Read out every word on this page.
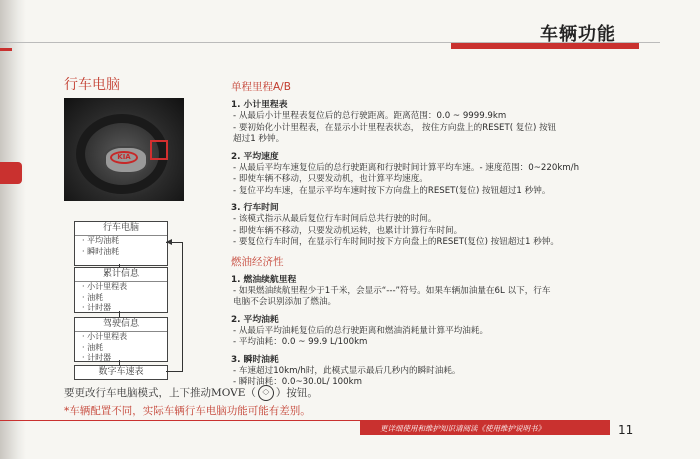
车辆功能
行车电脑
KIA
行车电脑
· 平均油耗
· 瞬时油耗
累计信息
· 小计里程表
· 油耗
· 计时器
驾驶信息
· 小计里程表
· 油耗
· 计时器
数字车速表
要更改行车电脑模式，上下推动MOVE（ ︿
﹀ ）按钮。
*车辆配置不同，实际车辆行车电脑功能可能有差别。
单程里程A/B
1. 小计里程表
- 从最后小计里程表复位后的总行驶距离。距离范围：0.0 ~ 9999.9km
- 要初始化小计里程表，在显示小计里程表状态， 按住方向盘上的RESET( 复位) 按钮
超过1 秒钟。
2. 平均速度
- 从最后平均车速复位后的总行驶距离和行驶时间计算平均车速。- 速度范围：0~220km/h
- 即使车辆不移动，只要发动机，也计算平均速度。
- 复位平均车速，在显示平均车速时按下方向盘上的RESET(复位) 按钮超过1 秒钟。
3. 行车时间
- 该模式指示从最后复位行车时间后总共行驶的时间。
- 即使车辆不移动，只要发动机运转，也累计计算行车时间。
- 要复位行车时间，在显示行车时间时按下方向盘上的RESET(复位) 按钮超过1 秒钟。
燃油经济性
1. 燃油续航里程
- 如果燃油续航里程少于1千米，会显示“---”符号。如果车辆加油量在6L 以下，行车
电脑不会识别添加了燃油。
2. 平均油耗
- 从最后平均油耗复位后的总行驶距离和燃油消耗量计算平均油耗。
- 平均油耗：0.0 ~ 99.9 L/100km
3. 瞬时油耗
- 车速超过10km/h时，此模式显示最后几秒内的瞬时油耗。
- 瞬时油耗：0.0~30.0L/ 100km
更详细使用和维护知识请阅读《使用维护说明书》	11
